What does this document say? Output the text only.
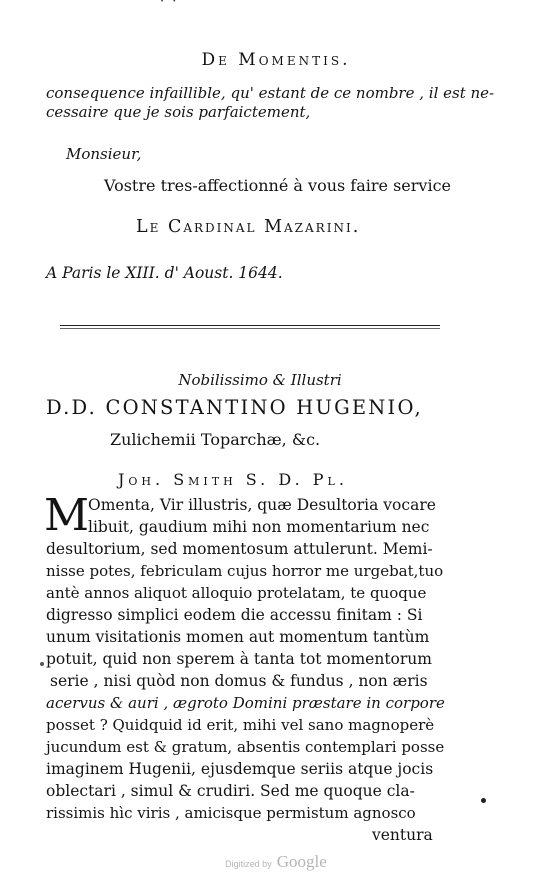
· ·
De Momentis.
consequence infaillible, qu' estant de ce nombre , il est ne-
cessaire que je sois parfaictement,
Monsieur,
Vostre tres-affectionné à vous faire service
Le Cardinal Mazarini.
A Paris le XIII. d' Aoust. 1644.
Nobilissimo & Illustri
D.D. CONSTANTINO HUGENIO,
Zulichemii Toparchæ, &c.
Joh. Smith S. D. Pl.
M
Omenta, Vir illustris, quæ Desultoria vocare
libuit, gaudium mihi non momentarium nec
desultorium, sed momentosum attulerunt. Memi-
nisse potes, febriculam cujus horror me urgebat,tuo
antè annos aliquot alloquio protelatam, te quoque
digresso simplici eodem die accessu finitam : Si
unum visitationis momen aut momentum tantùm
potuit, quid non sperem à tanta tot momentorum
serie , nisi quòd non domus & fundus , non æris
acervus & auri , ægroto Domini præstare in corpore
posset ? Quidquid id erit, mihi vel sano magnoperè
jucundum est & gratum, absentis contemplari posse
imaginem Hugenii, ejusdemque seriis atque jocis
oblectari , simul & crudiri. Sed me quoque cla-
rissimis hìc viris , amicisque permistum agnosco
ventura
Digitized by Google
